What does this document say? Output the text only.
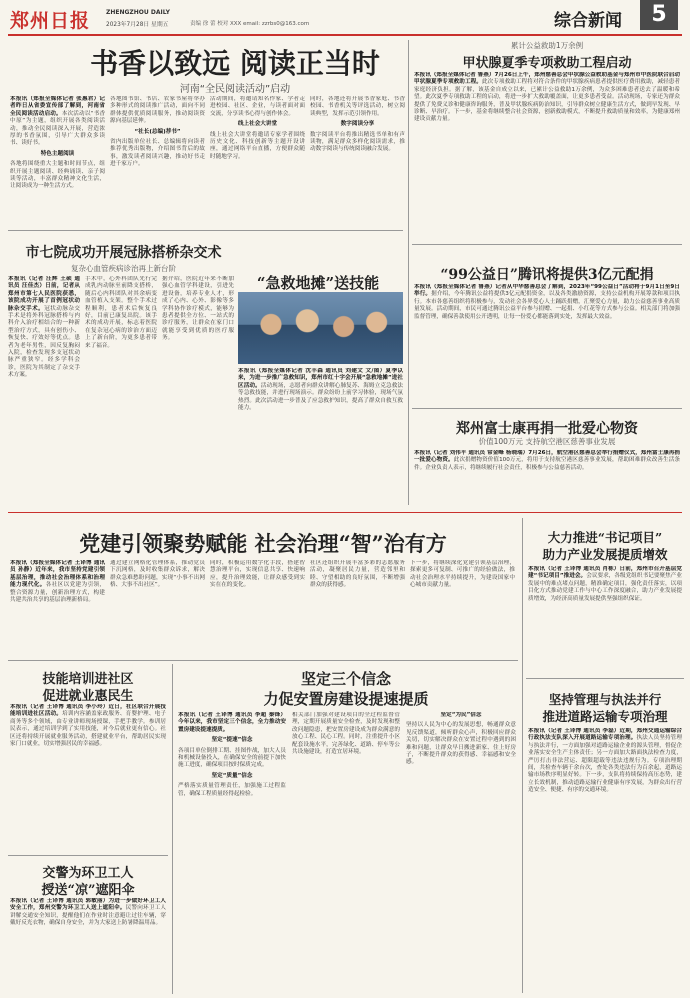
郑州日报	ZHENGZHOU DAILY
2023年7月28日 星期五	责编 徐 蕾 校对 XXX email: zzrbs0@163.com	综合新闻	5
书香以致远 阅读正当时
河南“全民阅读活动”启动
本报讯（郑报全媒体记者 张惠君）记者昨日从省委宣传部了解到，河南省全民阅读活动启动。本次活动以“书香中原”为主题，组织开展各类阅读活动，推动全民阅读深入开展，营造浓厚的书香氛围，引导广大群众多读书、读好书。
特色主题阅读
各地将围绕重大主题和时间节点，组织开展主题阅读、经典诵读、亲子阅读等活动，丰富群众精神文化生活，让阅读成为一种生活方式。
各地图书馆、书店、农家书屋将举办多种形式的阅读推广活动，面向不同群体提供优质阅读服务，推动阅读资源向基层延伸。
“社长(总编)荐书”
省内出版单位社长、总编辑将向读者推荐优秀出版物，介绍图书背后的故事，激发读者阅读兴趣，推动好书走进千家万户。
活动期间，将邀请知名作家、学者走进校园、社区、企业，与读者面对面交流，分享读书心得与创作体会。
线上社会大讲堂
线上社会大讲堂将邀请专家学者围绕历史文化、科技创新等主题开设讲座，通过网络平台直播，方便群众随时随地学习。
同时，各地还将开展书香家庭、书香校园、书香机关等评选活动，树立阅读典型，发挥示范引领作用。
数字阅读分享
数字阅读平台将推出精选书单和有声读物，满足群众多样化阅读需求，推动数字阅读与传统阅读融合发展。
市七院成功开展冠脉搭桥杂交术
复杂心血管疾病诊治再上新台阶
本报讯（记者 汪辉 王硕 通讯员 汪佳杰）日前，记者从郑州市第七人民医院获悉，该院成功开展了首例冠状动脉杂交手术。冠状动脉杂交手术是将外科冠脉搭桥与内科介入治疗相结合的一种新型治疗方式，具有创伤小、恢复快、疗效好等优点。患者为老年男性，因反复胸闷入院，检查发现多支冠状动脉严重狭窄。经多学科会诊，医院为其制定了杂交手术方案。
手术中，心外科团队先行完成乳内动脉至前降支搭桥，随后心内科团队对其余病变血管植入支架。整个手术过程顺利，患者术后恢复良好，目前已康复出院。该手术的成功开展，标志着医院在复杂冠心病的诊治方面迈上了新台阶，为更多患者带来了福音。
据介绍，医院近年来不断加强心血管学科建设，引进先进设备，培养专业人才，形成了心内、心外、影像等多学科协作诊疗模式，能够为患者提供全方位、一站式的诊疗服务，让群众在家门口就能享受到优质的医疗服务。
“急救地摊”送技能
本报讯（郑报全媒体记者 沈丰森 通讯员 刘建文 文/图）夏季以来，为进一步推广急救知识，郑州市红十字会开展“急救地摊”进社区活动。活动现场，志愿者向群众讲解心肺复苏、海姆立克急救法等急救技能，并进行现场演示。群众纷纷上前学习体验，现场气氛热烈。此次活动进一步普及了应急救护知识，提高了群众自救互救能力。
累计公益救助1万余例
甲状腺夏季专项救助工程启动
本报讯（郑报全媒体记者 鲁燕）7月26日上午，郑州慈善总会甲状腺公益救助基金与郑州市中医院联合启动甲状腺夏季专项救助工程。此次专项救助工程将对符合条件的甲状腺疾病患者提供医疗费用救助，减轻患者家庭经济负担。据了解，该基金自成立以来，已累计公益救助1万余例，为众多困难患者送去了温暖和希望。此次夏季专项救助工程的启动，将进一步扩大救助覆盖面，让更多患者受益。活动现场，专家还为群众提供了免费义诊和健康咨询服务，普及甲状腺疾病防治知识，引导群众树立健康生活方式，做到早发现、早诊断、早治疗。下一步，基金将继续整合社会资源，创新救助模式，不断提升救助质量和效率，为健康郑州建设贡献力量。
“99公益日”腾讯将提供3亿元配捐
本报讯（郑报全媒体记者 鲁燕）记者从中华慈善总会了解到，2023年“99公益日”活动将于9月1日至9日举行。据介绍，今年腾讯公益将提供3亿元配捐资金，以及各类激励资源，支持公益机构开展筹款和项目执行。本市各慈善组织将积极参与，发动社会各界爱心人士踊跃捐赠，汇聚爱心力量，助力公益慈善事业高质量发展。活动期间，市民可通过腾讯公益平台参与捐赠、一起捐、小红花等方式参与公益。相关部门将加强监督管理，确保善款使用公开透明，让每一份爱心都能落到实处，发挥最大效益。
郑州富士康再捐一批爱心物资
价值100万元 支持航空港区慈善事业发展
本报讯（记者 刘伟平 通讯员 常金峰 杨晓瑞）7月26日，航空港区慈善总会举行捐赠仪式，郑州富士康再捐一批爱心物资。此次捐赠物资价值100万元，将用于支持航空港区慈善事业发展，帮助困难群众改善生活条件。企业负责人表示，将继续履行社会责任，积极参与公益慈善活动。
党建引领聚势赋能 社会治理“智”治有方
本报讯（郑报全媒体记者 王译博 通讯员 孙静）近年来，我市坚持党建引领基层治理，推动社会治理体系和治理能力现代化。各社区以党建为引领，整合资源力量，创新治理方式，构建共建共治共享的基层治理新格局。
通过建立网格化管理体系，推动党员下沉网格，及时收集群众诉求，解决群众急难愁盼问题，实现“小事不出网格、大事不出社区”。
同时，积极运用数字化手段，搭建智慧治理平台，实现信息共享、快速响应，提升治理效能，让群众感受到实实在在的变化。
社区还组织开展丰富多彩的志愿服务活动，凝聚居民力量，营造邻里和睦、守望相助的良好氛围，不断增强群众的获得感。
下一步，将继续深化党建引领基层治理，探索更多可复制、可推广的经验做法，推动社会治理水平持续提升，为建设国家中心城市贡献力量。
大力推进“书记项目”
助力产业发展提质增效
本报讯（记者 王译博 通讯员 肖栋）日前，郑州市召开基层党建“书记项目”推进会。会议要求，各级党组织书记要聚焦产业发展中的难点堵点问题，精准确定项目，强化责任落实，以项目化方式推动党建工作与中心工作深度融合，助力产业发展提质增效，为经济高质量发展提供坚强组织保证。
技能培训进社区
促进就业惠民生
本报讯（记者 王译博 通讯员 李小玲）近日，社区联合开展技能培训进社区活动。培训内容涵盖家政服务、育婴护理、电子商务等多个领域，由专业讲师现场授课，手把手教学。参训居民表示，通过培训学到了实用技能，对今后就业更有信心。社区还将持续开展就业服务活动，搭建就业平台，帮助居民实现家门口就业，切实增强居民的幸福感。
交警为环卫工人
授送“凉”遮阳伞
本报讯（记者 王译博 通讯员 郭敏丽）为进一步做好环卫工人安全工作，郑州交警为环卫工人送上遮阳伞。民警向环卫工人讲解交通安全知识，提醒他们在作业时注意避让过往车辆，穿戴好反光衣物，确保自身安全，并为大家送上防暑降温用品。
坚定三个信念
力促安置房建设提速提质
本报讯（记者 王译博 通讯员 李超 秦锋）今年以来，我市坚定三个信念，全力推动安置房建设提速提质。
坚定“提速”信念
各项目单位倒排工期、挂图作战，加大人员和机械设备投入，在确保安全的前提下加快施工进度，确保项目按时保质完成。
坚定“质量”信念
严格落实质量管理责任，加强施工过程监管，确保工程质量经得起检验。
相关部门加强对建设项目的全过程监督管理，定期开展质量安全检查，及时发现和整改问题隐患，把安置房建设成为群众满意的放心工程、民心工程。同时，注重提升小区配套设施水平，完善绿化、道路、停车等公共设施建设，打造宜居环境。
坚定“为民”信念
坚持以人民为中心的发展思想，畅通群众意见反馈渠道，倾听群众心声，积极回应群众关切，切实解决群众在安置过程中遇到的困难和问题，让群众早日搬进新家、住上好房子，不断提升群众的获得感、幸福感和安全感。
坚持管理与执法并行
推进道路运输专项治理
本报讯（记者 王译博 通讯员 李磊）近期，郑州交通运输综合行政执法支队深入开展道路运输专项治理。执法人员坚持管理与执法并行，一方面加强对道路运输企业的源头管理，督促企业落实安全生产主体责任；另一方面加大路面执法检查力度，严厉打击非法营运、超限超载等违法违规行为。专项治理期间，共检查车辆千余台次，查处各类违法行为百余起，道路运输市场秩序明显好转。下一步，支队将持续保持高压态势，建立长效机制，推动道路运输行业健康有序发展，为群众出行营造安全、便捷、有序的交通环境。
